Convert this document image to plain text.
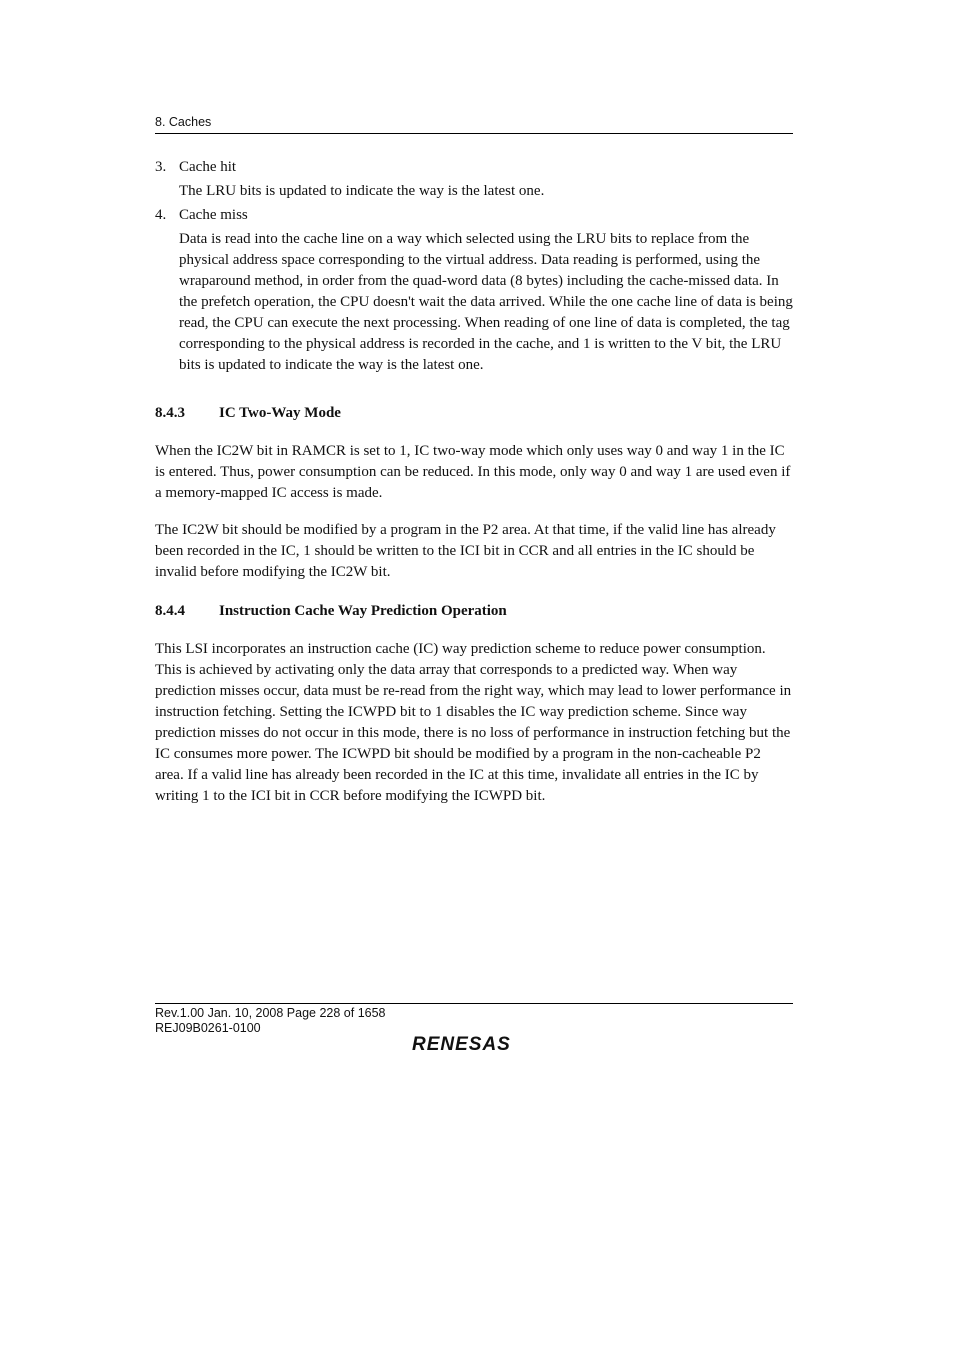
8. Caches
3. Cache hit
The LRU bits is updated to indicate the way is the latest one.
4. Cache miss
Data is read into the cache line on a way which selected using the LRU bits to replace from the physical address space corresponding to the virtual address. Data reading is performed, using the wraparound method, in order from the quad-word data (8 bytes) including the cache-missed data. In the prefetch operation, the CPU doesn't wait the data arrived. While the one cache line of data is being read, the CPU can execute the next processing. When reading of one line of data is completed, the tag corresponding to the physical address is recorded in the cache, and 1 is written to the V bit, the LRU bits is updated to indicate the way is the latest one.
8.4.3	IC Two-Way Mode

When the IC2W bit in RAMCR is set to 1, IC two-way mode which only uses way 0 and way 1 in the IC is entered. Thus, power consumption can be reduced. In this mode, only way 0 and way 1 are used even if a memory-mapped IC access is made.

The IC2W bit should be modified by a program in the P2 area. At that time, if the valid line has already been recorded in the IC, 1 should be written to the ICI bit in CCR and all entries in the IC should be invalid before modifying the IC2W bit.

8.4.4	Instruction Cache Way Prediction Operation

This LSI incorporates an instruction cache (IC) way prediction scheme to reduce power consumption. This is achieved by activating only the data array that corresponds to a predicted way. When way prediction misses occur, data must be re-read from the right way, which may lead to lower performance in instruction fetching. Setting the ICWPD bit to 1 disables the IC way prediction scheme. Since way prediction misses do not occur in this mode, there is no loss of performance in instruction fetching but the IC consumes more power. The ICWPD bit should be modified by a program in the non-cacheable P2 area. If a valid line has already been recorded in the IC at this time, invalidate all entries in the IC by writing 1 to the ICI bit in CCR before modifying the ICWPD bit.

Rev.1.00 Jan. 10, 2008 Page 228 of 1658
REJ09B0261-0100
RENESAS
